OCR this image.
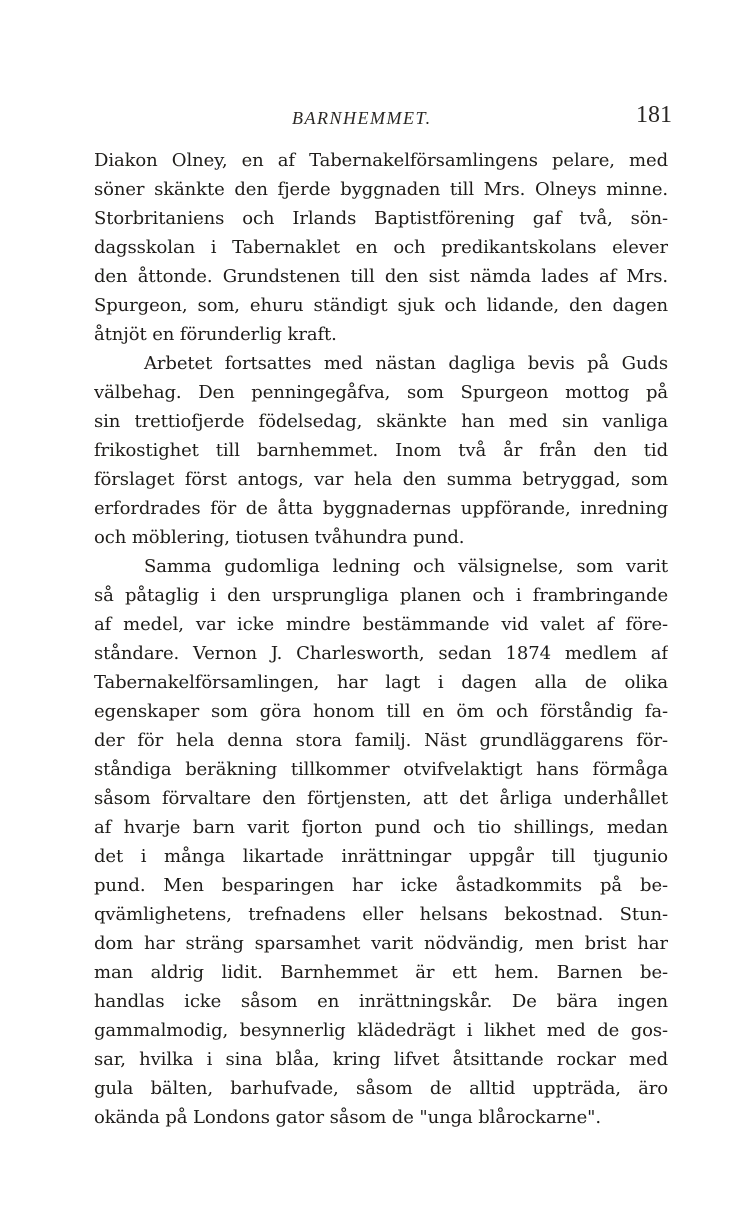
BARNHEMMET.	181
Diakon Olney, en af Tabernakelförsamlingens pelare, med
söner skänkte den fjerde byggnaden till Mrs. Olneys minne.
Storbritaniens och Irlands Baptistförening gaf två, sön-
dagsskolan i Tabernaklet en och predikantskolans elever
den åttonde. Grundstenen till den sist nämda lades af Mrs.
Spurgeon, som, ehuru ständigt sjuk och lidande, den dagen
åtnjöt en förunderlig kraft.
Arbetet fortsattes med nästan dagliga bevis på Guds
välbehag. Den penningegåfva, som Spurgeon mottog på
sin trettiofjerde födelsedag, skänkte han med sin vanliga
frikostighet till barnhemmet. Inom två år från den tid
förslaget först antogs, var hela den summa betryggad, som
erfordrades för de åtta byggnadernas uppförande, inredning
och möblering, tiotusen tvåhundra pund.
Samma gudomliga ledning och välsignelse, som varit
så påtaglig i den ursprungliga planen och i frambringande
af medel, var icke mindre bestämmande vid valet af före-
ståndare. Vernon J. Charlesworth, sedan 1874 medlem af
Tabernakelförsamlingen, har lagt i dagen alla de olika
egenskaper som göra honom till en öm och förståndig fa-
der för hela denna stora familj. Näst grundläggarens för-
ståndiga beräkning tillkommer otvifvelaktigt hans förmåga
såsom förvaltare den förtjensten, att det årliga underhållet
af hvarje barn varit fjorton pund och tio shillings, medan
det i många likartade inrättningar uppgår till tjugunio
pund. Men besparingen har icke åstadkommits på be-
qvämlighetens, trefnadens eller helsans bekostnad. Stun-
dom har sträng sparsamhet varit nödvändig, men brist har
man aldrig lidit. Barnhemmet är ett hem. Barnen be-
handlas icke såsom en inrättningskår. De bära ingen
gammalmodig, besynnerlig klädedrägt i likhet med de gos-
sar, hvilka i sina blåa, kring lifvet åtsittande rockar med
gula bälten, barhufvade, såsom de alltid uppträda, äro
okända på Londons gator såsom de "unga blårockarne".
